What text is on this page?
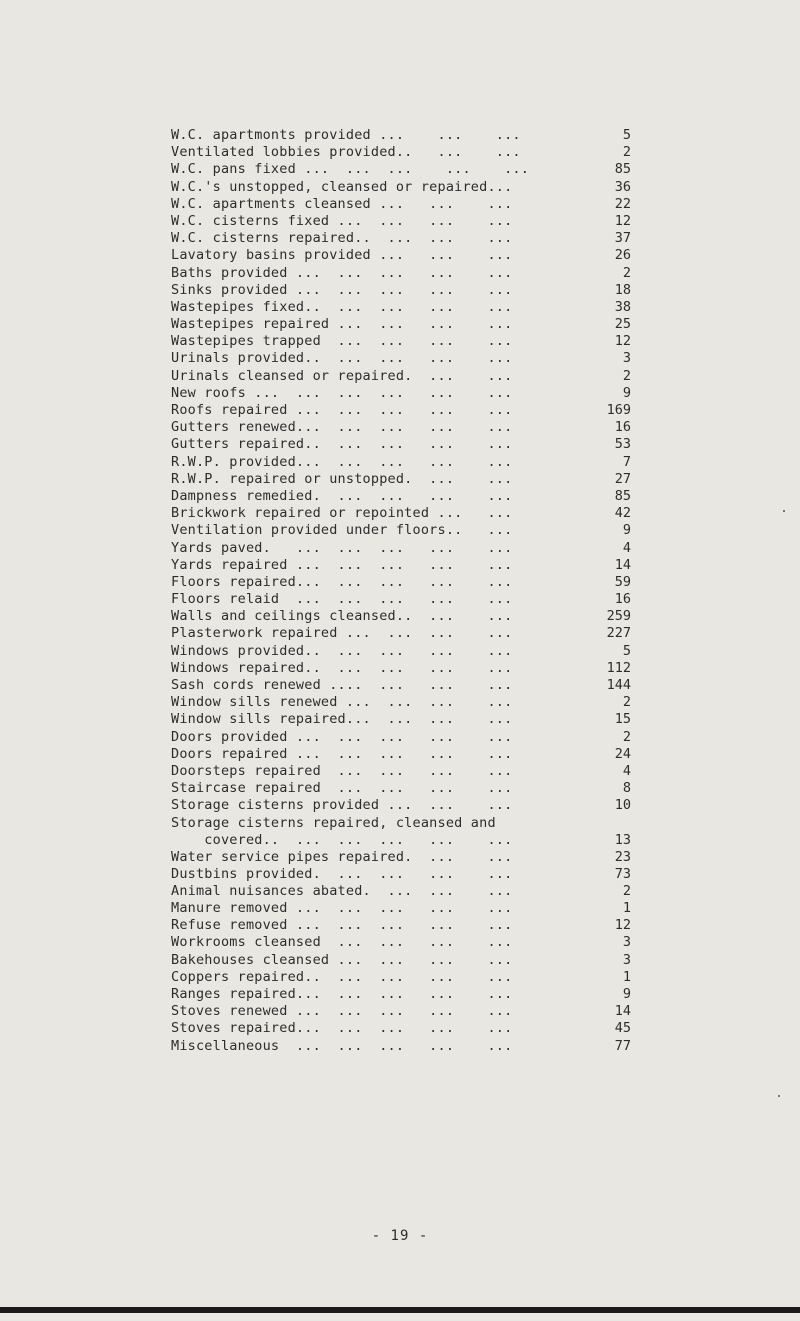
W.C. apartmonts provided ...    ...    ...	5
Ventilated lobbies provided..   ...    ...	2
W.C. pans fixed ...  ...  ...    ...    ...	85
W.C.'s unstopped, cleansed or repaired...	36
W.C. apartments cleansed ...   ...    ...	22
W.C. cisterns fixed ...  ...   ...    ...	12
W.C. cisterns repaired..  ...  ...    ...	37
Lavatory basins provided ...   ...    ...	26
Baths provided ...  ...  ...   ...    ...	2
Sinks provided ...  ...  ...   ...    ...	18
Wastepipes fixed..  ...  ...   ...    ...	38
Wastepipes repaired ...  ...   ...    ...	25
Wastepipes trapped  ...  ...   ...    ...	12
Urinals provided..  ...  ...   ...    ...	3
Urinals cleansed or repaired.  ...    ...	2
New roofs ...  ...  ...  ...   ...    ...	9
Roofs repaired ...  ...  ...   ...    ...	169
Gutters renewed...  ...  ...   ...    ...	16
Gutters repaired..  ...  ...   ...    ...	53
R.W.P. provided...  ...  ...   ...    ...	7
R.W.P. repaired or unstopped.  ...    ...	27
Dampness remedied.  ...  ...   ...    ...	85
Brickwork repaired or repointed ...   ...	42
Ventilation provided under floors..   ...	9
Yards paved.   ...  ...  ...   ...    ...	4
Yards repaired ...  ...  ...   ...    ...	14
Floors repaired...  ...  ...   ...    ...	59
Floors relaid  ...  ...  ...   ...    ...	16
Walls and ceilings cleansed..  ...    ...	259
Plasterwork repaired ...  ...  ...    ...	227
Windows provided..  ...  ...   ...    ...	5
Windows repaired..  ...  ...   ...    ...	112
Sash cords renewed ....  ...   ...    ...	144
Window sills renewed ...  ...  ...    ...	2
Window sills repaired...  ...  ...    ...	15
Doors provided ...  ...  ...   ...    ...	2
Doors repaired ...  ...  ...   ...    ...	24
Doorsteps repaired  ...  ...   ...    ...	4
Staircase repaired  ...  ...   ...    ...	8
Storage cisterns provided ...  ...    ...	10
Storage cisterns repaired, cleansed and
covered..  ...  ...  ...   ...    ...	13
Water service pipes repaired.  ...    ...	23
Dustbins provided.  ...  ...   ...    ...	73
Animal nuisances abated.  ...  ...    ...	2
Manure removed ...  ...  ...   ...    ...	1
Refuse removed ...  ...  ...   ...    ...	12
Workrooms cleansed  ...  ...   ...    ...	3
Bakehouses cleansed ...  ...   ...    ...	3
Coppers repaired..  ...  ...   ...    ...	1
Ranges repaired...  ...  ...   ...    ...	9
Stoves renewed ...  ...  ...   ...    ...	14
Stoves repaired...  ...  ...   ...    ...	45
Miscellaneous  ...  ...  ...   ...    ...	77
- 19 -
